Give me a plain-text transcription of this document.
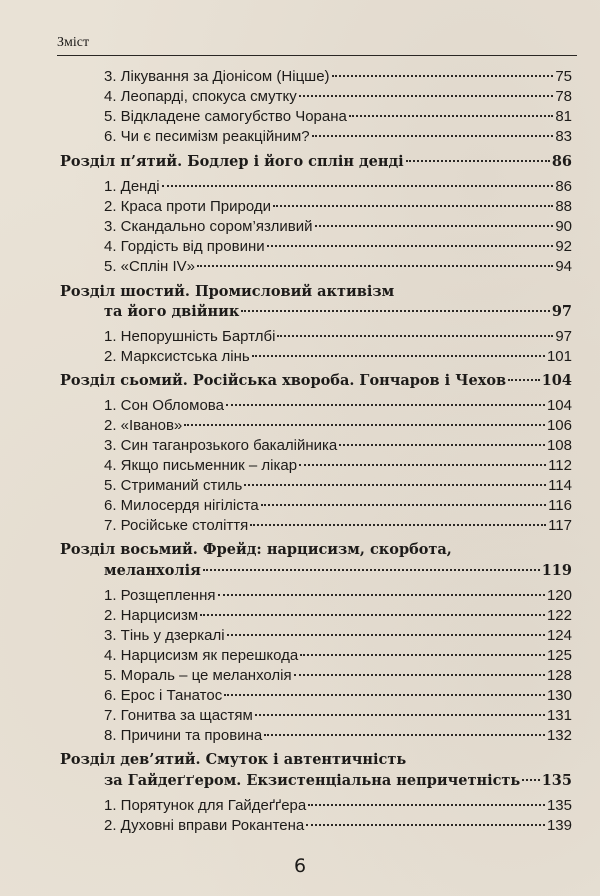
Зміст
3. Лікування за Діонісом (Ніцше)	75
4. Леопарді, спокуса смутку	78
5. Відкладене самогубство Чорана	81
6. Чи є песимізм реакційним?	83
Розділ п’ятий. Бодлер і його сплін денді	86
1. Денді	86
2. Краса проти Природи	88
3. Скандально сором’язливий	90
4. Гордість від провини	92
5. «Сплін IV»	94
Розділ шостий. Промисловий активізм
та його двійник	97
1. Непорушність Бартлбі	97
2. Марксистська лінь	101
Розділ сьомий. Російська хвороба. Гончаров і Чехов 104
1. Сон Обломова	104
2. «Іванов»	106
3. Син таганрозького бакалійника	108
4. Якщо письменник – лікар	112
5. Стриманий стиль	114
6. Милосердя нігіліста	116
7. Російське століття	117
Розділ восьмий. Фрейд: нарцисизм, скорбота,
меланхолія	119
1. Розщеплення	120
2. Нарцисизм	122
3. Тінь у дзеркалі	124
4. Нарцисизм як перешкода	125
5. Мораль – це меланхолія	128
6. Ерос і Танатос	130
7. Гонитва за щастям	131
8. Причини та провина	132
Розділ дев’ятий. Смуток і автентичність
за Гайдеґґером. Екзистенціальна непричетність 135
1. Порятунок для Гайдеґґера	135
2. Духовні вправи Рокантена	139
6
